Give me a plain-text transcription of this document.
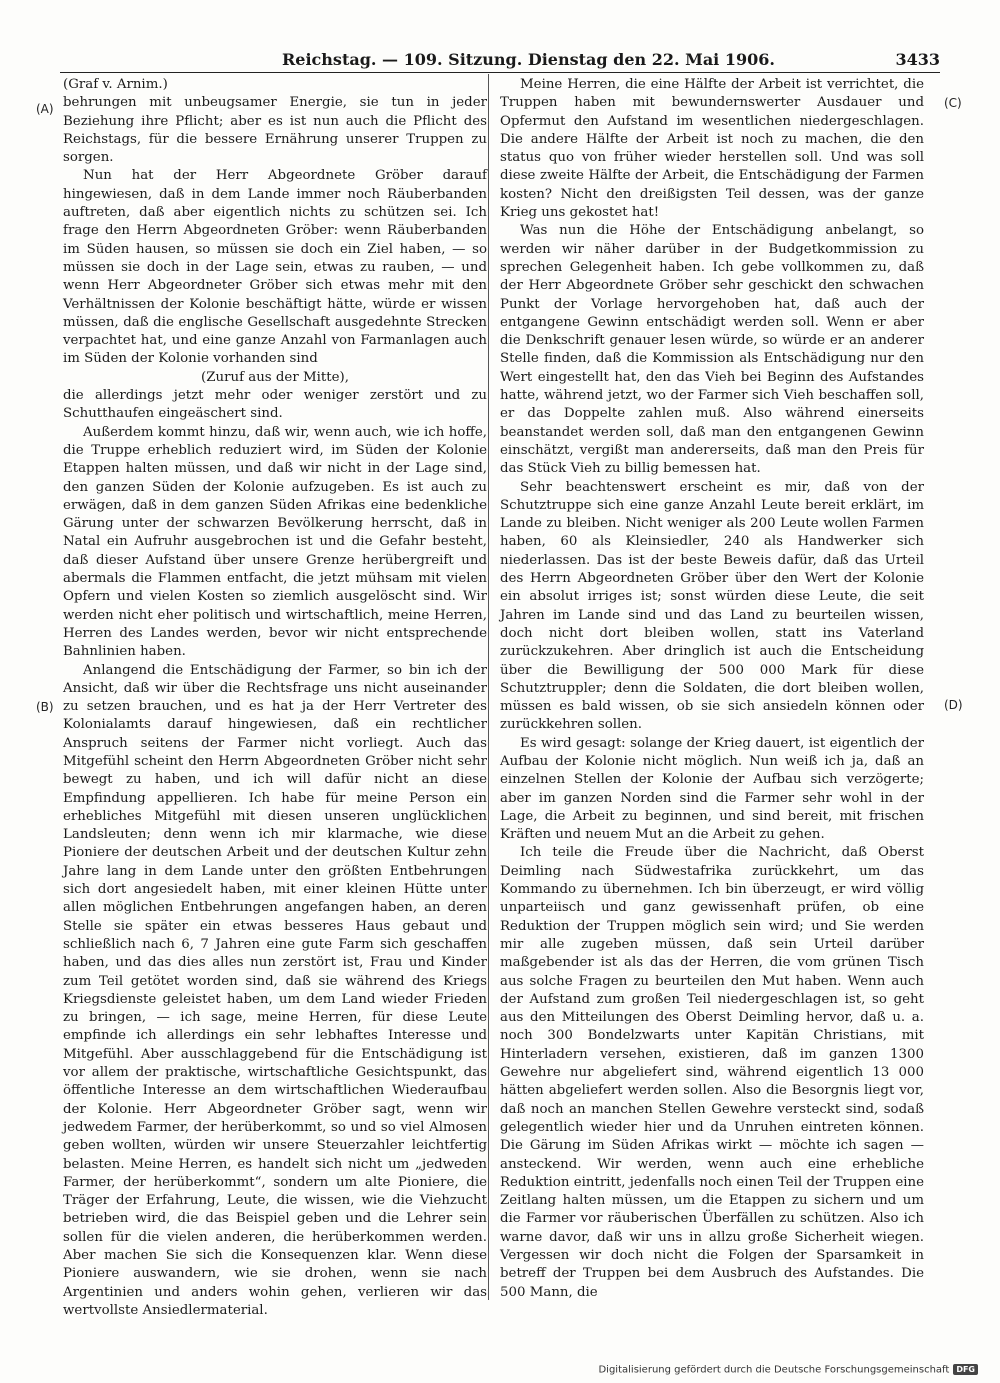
Reichstag. — 109. Sitzung. Dienstag den 22. Mai 1906.	3433
(A)
(B)
(C)
(D)

(Graf v. Arnim.)

behrungen mit unbeugsamer Energie, sie tun in jeder Beziehung ihre Pflicht; aber es ist nun auch die Pflicht des Reichstags, für die bessere Ernährung unserer Truppen zu sorgen.

Nun hat der Herr Abgeordnete Gröber darauf hingewiesen, daß in dem Lande immer noch Räuberbanden auftreten, daß aber eigentlich nichts zu schützen sei. Ich frage den Herrn Abgeordneten Gröber: wenn Räuberbanden im Süden hausen, so müssen sie doch ein Ziel haben, — so müssen sie doch in der Lage sein, etwas zu rauben, — und wenn Herr Abgeordneter Gröber sich etwas mehr mit den Verhältnissen der Kolonie beschäftigt hätte, würde er wissen müssen, daß die englische Gesellschaft ausgedehnte Strecken verpachtet hat, und eine ganze Anzahl von Farmanlagen auch im Süden der Kolonie vorhanden sind

(Zuruf aus der Mitte),

die allerdings jetzt mehr oder weniger zerstört und zu Schutthaufen eingeäschert sind.

Außerdem kommt hinzu, daß wir, wenn auch, wie ich hoffe, die Truppe erheblich reduziert wird, im Süden der Kolonie Etappen halten müssen, und daß wir nicht in der Lage sind, den ganzen Süden der Kolonie aufzugeben. Es ist auch zu erwägen, daß in dem ganzen Süden Afrikas eine bedenkliche Gärung unter der schwarzen Bevölkerung herrscht, daß in Natal ein Aufruhr ausgebrochen ist und die Gefahr besteht, daß dieser Aufstand über unsere Grenze herübergreift und abermals die Flammen entfacht, die jetzt mühsam mit vielen Opfern und vielen Kosten so ziemlich ausgelöscht sind. Wir werden nicht eher politisch und wirtschaftlich, meine Herren, Herren des Landes werden, bevor wir nicht entsprechende Bahnlinien haben.

Anlangend die Entschädigung der Farmer, so bin ich der Ansicht, daß wir über die Rechtsfrage uns nicht auseinander zu setzen brauchen, und es hat ja der Herr Vertreter des Kolonialamts darauf hingewiesen, daß ein rechtlicher Anspruch seitens der Farmer nicht vorliegt. Auch das Mitgefühl scheint den Herrn Abgeordneten Gröber nicht sehr bewegt zu haben, und ich will dafür nicht an diese Empfindung appellieren. Ich habe für meine Person ein erhebliches Mitgefühl mit diesen unseren unglücklichen Landsleuten; denn wenn ich mir klarmache, wie diese Pioniere der deutschen Arbeit und der deutschen Kultur zehn Jahre lang in dem Lande unter den größten Entbehrungen sich dort angesiedelt haben, mit einer kleinen Hütte unter allen möglichen Entbehrungen angefangen haben, an deren Stelle sie später ein etwas besseres Haus gebaut und schließlich nach 6, 7 Jahren eine gute Farm sich geschaffen haben, und das dies alles nun zerstört ist, Frau und Kinder zum Teil getötet worden sind, daß sie während des Kriegs Kriegsdienste geleistet haben, um dem Land wieder Frieden zu bringen, — ich sage, meine Herren, für diese Leute empfinde ich allerdings ein sehr lebhaftes Interesse und Mitgefühl. Aber ausschlaggebend für die Entschädigung ist vor allem der praktische, wirtschaftliche Gesichtspunkt, das öffentliche Interesse an dem wirtschaftlichen Wiederaufbau der Kolonie. Herr Abgeordneter Gröber sagt, wenn wir jedwedem Farmer, der herüberkommt, so und so viel Almosen geben wollten, würden wir unsere Steuerzahler leichtfertig belasten. Meine Herren, es handelt sich nicht um „jedweden Farmer, der herüberkommt“, sondern um alte Pioniere, die Träger der Erfahrung, Leute, die wissen, wie die Viehzucht betrieben wird, die das Beispiel geben und die Lehrer sein sollen für die vielen anderen, die herüberkommen werden. Aber machen Sie sich die Konsequenzen klar. Wenn diese Pioniere auswandern, wie sie drohen, wenn sie nach Argentinien und anders wohin gehen, verlieren wir das wertvollste Ansiedlermaterial.

Meine Herren, die eine Hälfte der Arbeit ist verrichtet, die Truppen haben mit bewundernswerter Ausdauer und Opfermut den Aufstand im wesentlichen niedergeschlagen. Die andere Hälfte der Arbeit ist noch zu machen, die den status quo von früher wieder herstellen soll. Und was soll diese zweite Hälfte der Arbeit, die Entschädigung der Farmen kosten? Nicht den dreißigsten Teil dessen, was der ganze Krieg uns gekostet hat!

Was nun die Höhe der Entschädigung anbelangt, so werden wir näher darüber in der Budgetkommission zu sprechen Gelegenheit haben. Ich gebe vollkommen zu, daß der Herr Abgeordnete Gröber sehr geschickt den schwachen Punkt der Vorlage hervorgehoben hat, daß auch der entgangene Gewinn entschädigt werden soll. Wenn er aber die Denkschrift genauer lesen würde, so würde er an anderer Stelle finden, daß die Kommission als Entschädigung nur den Wert eingestellt hat, den das Vieh bei Beginn des Aufstandes hatte, während jetzt, wo der Farmer sich Vieh beschaffen soll, er das Doppelte zahlen muß. Also während einerseits beanstandet werden soll, daß man den entgangenen Gewinn einschätzt, vergißt man andererseits, daß man den Preis für das Stück Vieh zu billig bemessen hat.

Sehr beachtenswert erscheint es mir, daß von der Schutztruppe sich eine ganze Anzahl Leute bereit erklärt, im Lande zu bleiben. Nicht weniger als 200 Leute wollen Farmen haben, 60 als Kleinsiedler, 240 als Handwerker sich niederlassen. Das ist der beste Beweis dafür, daß das Urteil des Herrn Abgeordneten Gröber über den Wert der Kolonie ein absolut irriges ist; sonst würden diese Leute, die seit Jahren im Lande sind und das Land zu beurteilen wissen, doch nicht dort bleiben wollen, statt ins Vaterland zurückzukehren. Aber dringlich ist auch die Entscheidung über die Bewilligung der 500 000 Mark für diese Schutztruppler; denn die Soldaten, die dort bleiben wollen, müssen es bald wissen, ob sie sich ansiedeln können oder zurückkehren sollen.

Es wird gesagt: solange der Krieg dauert, ist eigentlich der Aufbau der Kolonie nicht möglich. Nun weiß ich ja, daß an einzelnen Stellen der Kolonie der Aufbau sich verzögerte; aber im ganzen Norden sind die Farmer sehr wohl in der Lage, die Arbeit zu beginnen, und sind bereit, mit frischen Kräften und neuem Mut an die Arbeit zu gehen.

Ich teile die Freude über die Nachricht, daß Oberst Deimling nach Südwestafrika zurückkehrt, um das Kommando zu übernehmen. Ich bin überzeugt, er wird völlig unparteiisch und ganz gewissenhaft prüfen, ob eine Reduktion der Truppen möglich sein wird; und Sie werden mir alle zugeben müssen, daß sein Urteil darüber maßgebender ist als das der Herren, die vom grünen Tisch aus solche Fragen zu beurteilen den Mut haben. Wenn auch der Aufstand zum großen Teil niedergeschlagen ist, so geht aus den Mitteilungen des Oberst Deimling hervor, daß u. a. noch 300 Bondelzwarts unter Kapitän Christians, mit Hinterladern versehen, existieren, daß im ganzen 1300 Gewehre nur abgeliefert sind, während eigentlich 13 000 hätten abgeliefert werden sollen. Also die Besorgnis liegt vor, daß noch an manchen Stellen Gewehre versteckt sind, sodaß gelegentlich wieder hier und da Unruhen eintreten können. Die Gärung im Süden Afrikas wirkt — möchte ich sagen — ansteckend. Wir werden, wenn auch eine erhebliche Reduktion eintritt, jedenfalls noch einen Teil der Truppen eine Zeitlang halten müssen, um die Etappen zu sichern und um die Farmer vor räuberischen Überfällen zu schützen. Also ich warne davor, daß wir uns in allzu große Sicherheit wiegen. Vergessen wir doch nicht die Folgen der Sparsamkeit in betreff der Truppen bei dem Ausbruch des Aufstandes. Die 500 Mann, die

Digitalisierung gefördert durch die Deutsche Forschungsgemeinschaft DFG
